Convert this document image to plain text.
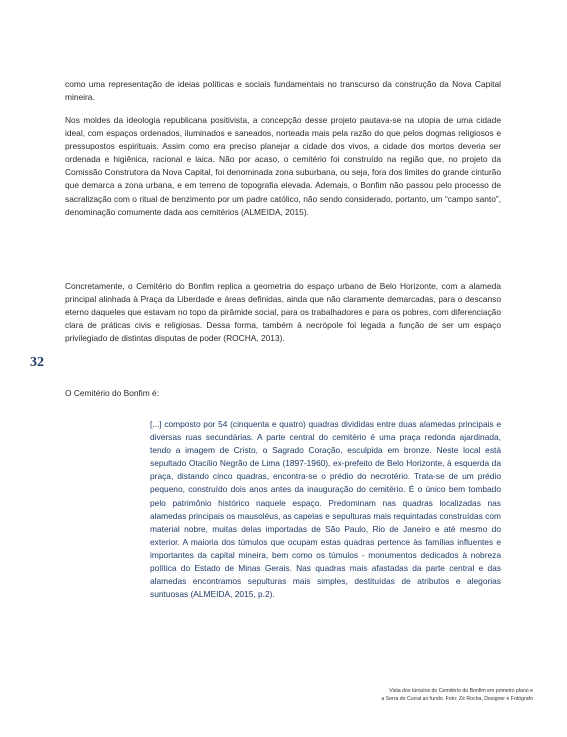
como uma representação de ideias políticas e sociais fundamentais no transcurso da construção da Nova Capital mineira.

Nos moldes da ideologia republicana positivista, a concepção desse projeto pautava-se na utopia de uma cidade ideal, com espaços ordenados, iluminados e saneados, norteada mais pela razão do que pelos dogmas religiosos e pressupostos espirituais. Assim como era preciso planejar a cidade dos vivos, a cidade dos mortos deveria ser ordenada e higiênica, racional e laica. Não por acaso, o cemitério foi construído na região que, no projeto da Comissão Construtora da Nova Capital, foi denominada zona suburbana, ou seja, fora dos limites do grande cinturão que demarca a zona urbana, e em terreno de topografia elevada. Ademais, o Bonfim não passou pelo processo de sacralização com o ritual de benzimento por um padre católico, não sendo considerado, portanto, um “campo santo”, denominação comumente dada aos cemitérios (ALMEIDA, 2015).

Concretamente, o Cemitério do Bonfim replica a geometria do espaço urbano de Belo Horizonte, com a alameda principal alinhada à Praça da Liberdade e áreas definidas, ainda que não claramente demarcadas, para o descanso eterno daqueles que estavam no topo da pirâmide social, para os trabalhadores e para os pobres, com diferenciação clara de práticas civis e religiosas. Dessa forma, também à necrópole foi legada a função de ser um espaço privilegiado de distintas disputas de poder (ROCHA, 2013).

O Cemitério do Bonfim é:

32

[...] composto por 54 (cinquenta e quatro) quadras divididas entre duas alamedas principais e diversas ruas secundárias. A parte central do cemitério é uma praça redonda ajardinada, tendo a imagem de Cristo, o Sagrado Coração, esculpida em bronze. Neste local está sepultado Otacílio Negrão de Lima (1897-1960), ex-prefeito de Belo Horizonte, à esquerda da praça, distando cinco quadras, encontra-se o prédio do necrotério. Trata-se de um prédio pequeno, construído dois anos antes da inauguração do cemitério. É o único bem tombado pelo patrimônio histórico naquele espaço. Predominam nas quadras localizadas nas alamedas principais os mausoléus, as capelas e sepulturas mais requintadas construídas com material nobre, muitas delas importadas de São Paulo, Rio de Janeiro e até mesmo do exterior. A maioria dos túmulos que ocupam estas quadras pertence às famílias influentes e importantes da capital mineira, bem como os túmulos - monumentos dedicados à nobreza política do Estado de Minas Gerais. Nas quadras mais afastadas da parte central e das alamedas encontramos sepulturas mais simples, destituídas de atributos e alegorias suntuosas (ALMEIDA, 2015, p.2).

Vista dos túmulos do Cemitério do Bonfim em primeiro plano e
a Serra do Curral ao fundo. Foto: Zé Rocha, Designer e Fotógrafo
